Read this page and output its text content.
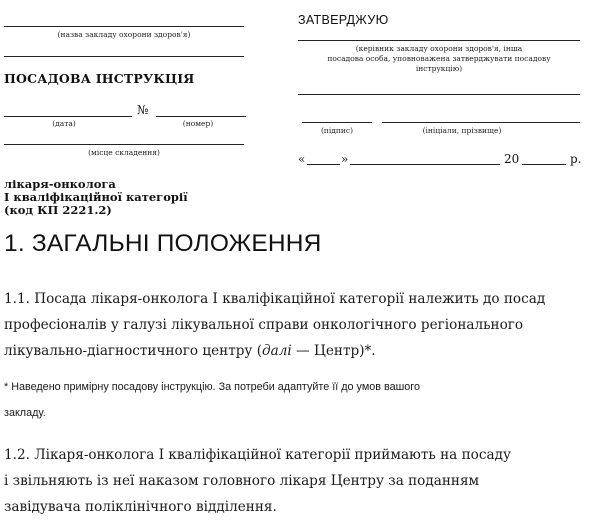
(назва закладу охорони здоров'я)
ПОСАДОВА ІНСТРУКЦІЯ
№
(дата)	(номер)
(місце складення)
ЗАТВЕРДЖУЮ
(керівник закладу охорони здоров'я, інша
посадова особа, уповноважена затверджувати посадову
інструкцію)
(підпис)	(ініціали, прізвище)
«	»	20	р.
лікаря-онколога
I кваліфікаційної категорії
(код КП 2221.2)
1. ЗАГАЛЬНІ ПОЛОЖЕННЯ
1.1. Посада лікаря-онколога I кваліфікаційної категорії належить до посад
професіоналів у галузі лікувальної справи онкологічного регіонального
лікувально-діагностичного центру (далі — Центр)*.
* Наведено примірну посадову інструкцію. За потреби адаптуйте її до умов вашого
закладу.
1.2. Лікаря-онколога I кваліфікаційної категорії приймають на посаду
і звільняють із неї наказом головного лікаря Центру за поданням
завідувача поліклінічного відділення.
